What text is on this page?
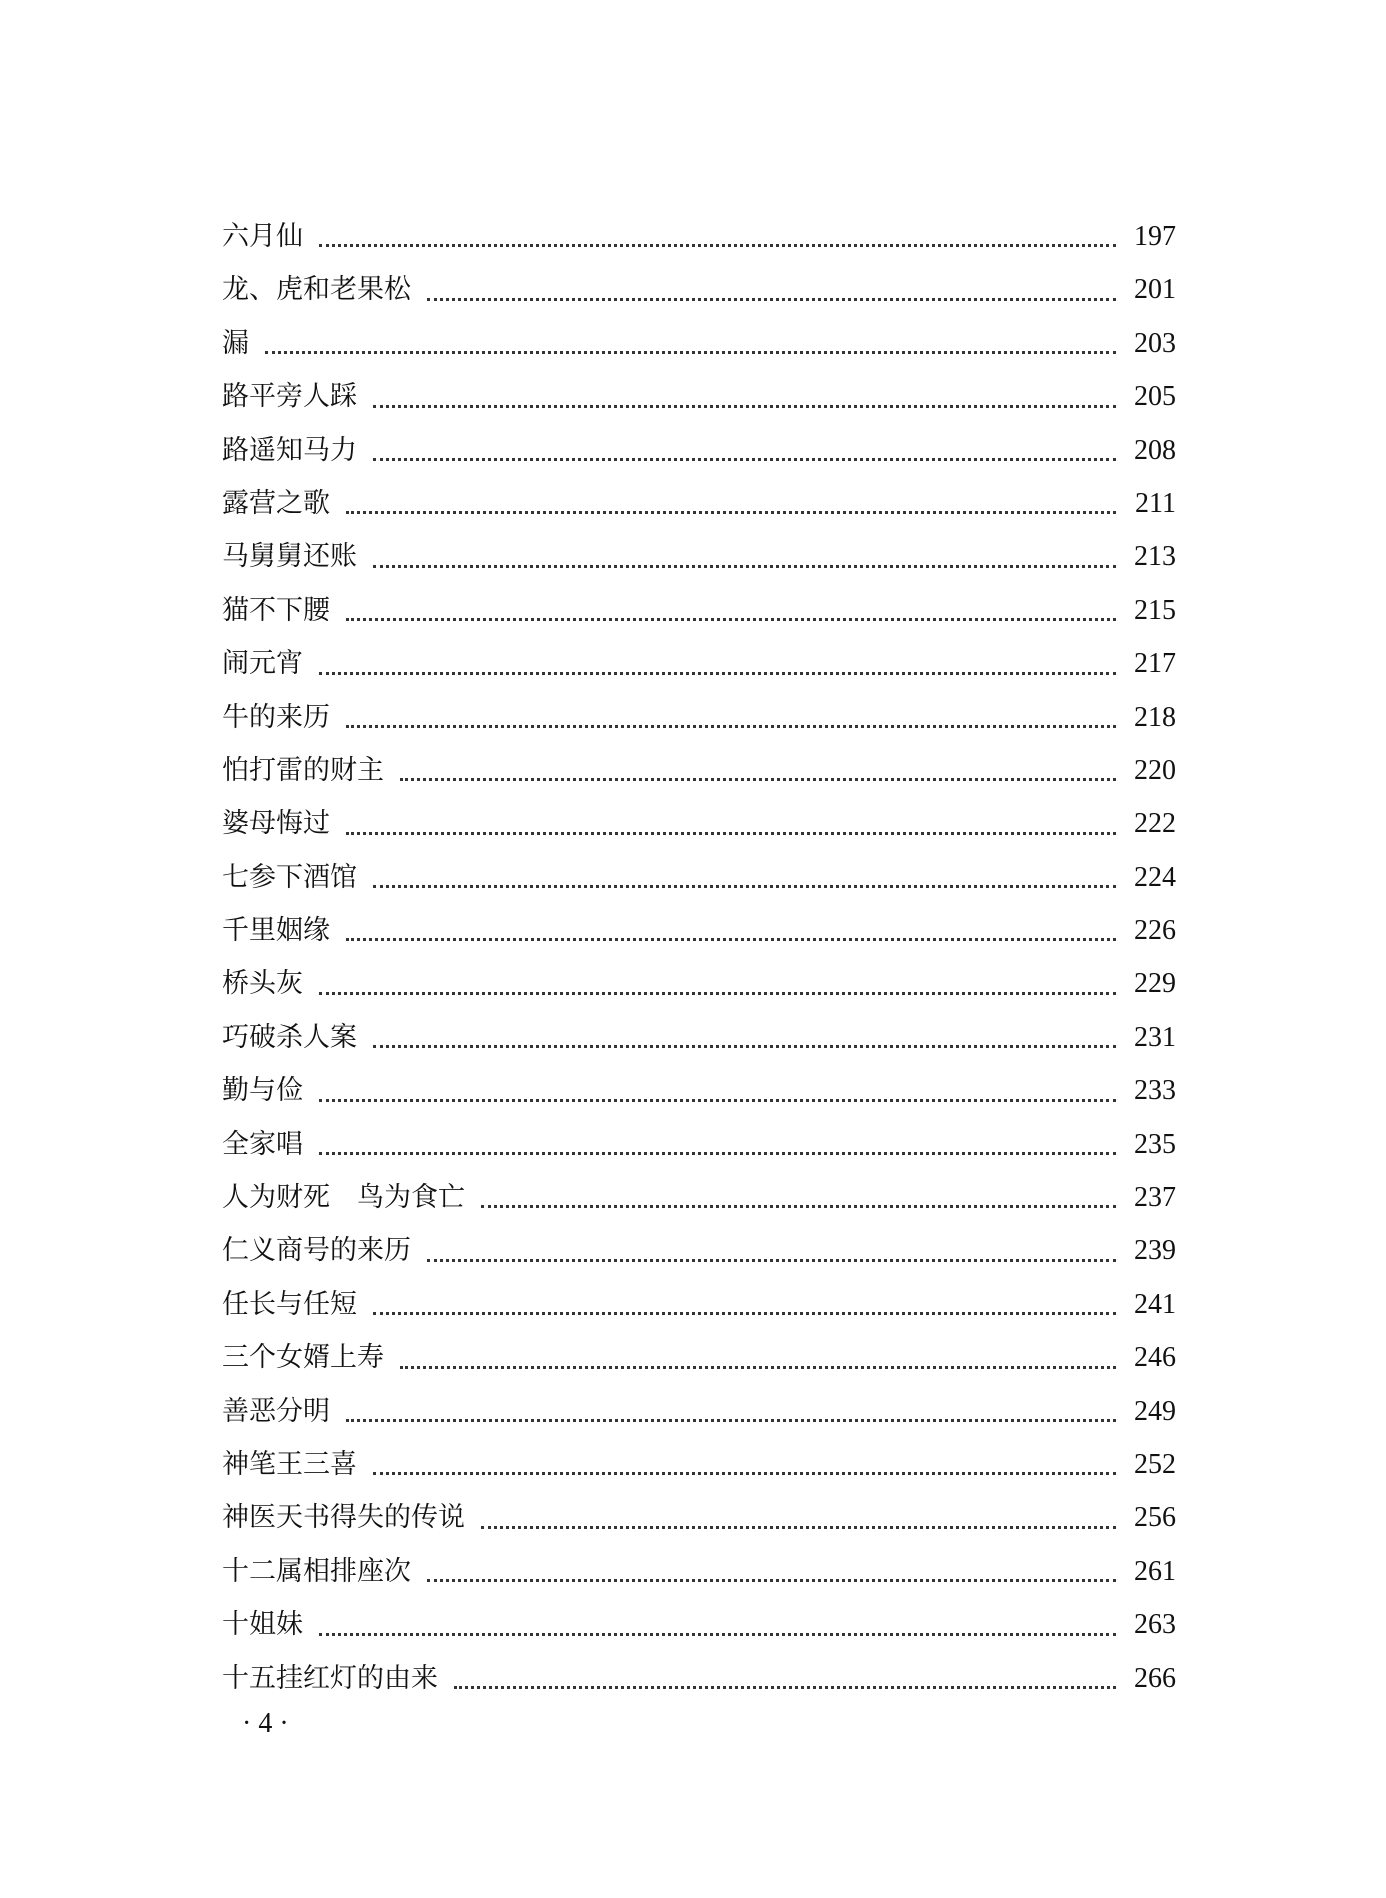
六月仙	197
龙、虎和老果松	201
漏	203
路平旁人踩	205
路遥知马力	208
露营之歌	211
马舅舅还账	213
猫不下腰	215
闹元宵	217
牛的来历	218
怕打雷的财主	220
婆母悔过	222
七参下酒馆	224
千里姻缘	226
桥头灰	229
巧破杀人案	231
勤与俭	233
全家唱	235
人为财死　鸟为食亡	237
仁义商号的来历	239
任长与任短	241
三个女婿上寿	246
善恶分明	249
神笔王三喜	252
神医天书得失的传说	256
十二属相排座次	261
十姐妹	263
十五挂红灯的由来	266
· 4 ·
